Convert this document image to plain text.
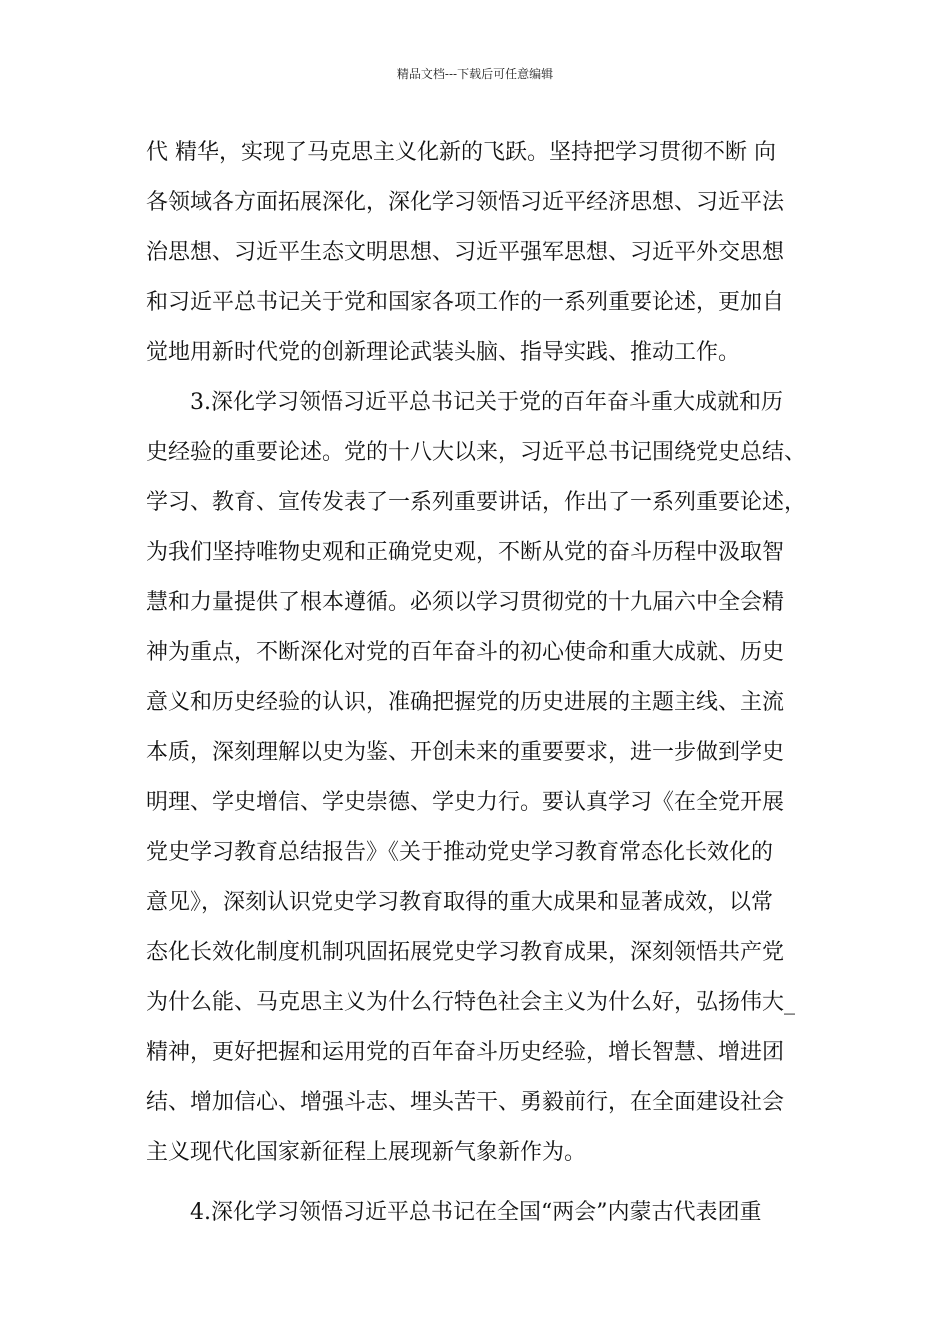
精品文档---下载后可任意编辑
代 精华，实现了马克思主义化新的飞跃。坚持把学习贯彻不断 向
各领域各方面拓展深化，深化学习领悟习近平经济思想、习近平法
治思想、习近平生态文明思想、习近平强军思想、习近平外交思想
和习近平总书记关于党和国家各项工作的一系列重要论述，更加自
觉地用新时代党的创新理论武装头脑、指导实践、推动工作。
3.深化学习领悟习近平总书记关于党的百年奋斗重大成就和历
史经验的重要论述。党的十八大以来，习近平总书记围绕党史总结、
学习、教育、宣传发表了一系列重要讲话，作出了一系列重要论述，
为我们坚持唯物史观和正确党史观，不断从党的奋斗历程中汲取智
慧和力量提供了根本遵循。必须以学习贯彻党的十九届六中全会精
神为重点，不断深化对党的百年奋斗的初心使命和重大成就、历史
意义和历史经验的认识，准确把握党的历史进展的主题主线、主流
本质，深刻理解以史为鉴、开创未来的重要要求，进一步做到学史
明理、学史增信、学史崇德、学史力行。要认真学习《在全党开展
党史学习教育总结报告》《关于推动党史学习教育常态化长效化的
意见》，深刻认识党史学习教育取得的重大成果和显著成效，以常
态化长效化制度机制巩固拓展党史学习教育成果，深刻领悟共产党
为什么能、马克思主义为什么行特色社会主义为什么好，弘扬伟大_
精神，更好把握和运用党的百年奋斗历史经验，增长智慧、增进团
结、增加信心、增强斗志、埋头苦干、勇毅前行，在全面建设社会
主义现代化国家新征程上展现新气象新作为。
4.深化学习领悟习近平总书记在全国“两会”内蒙古代表团重
